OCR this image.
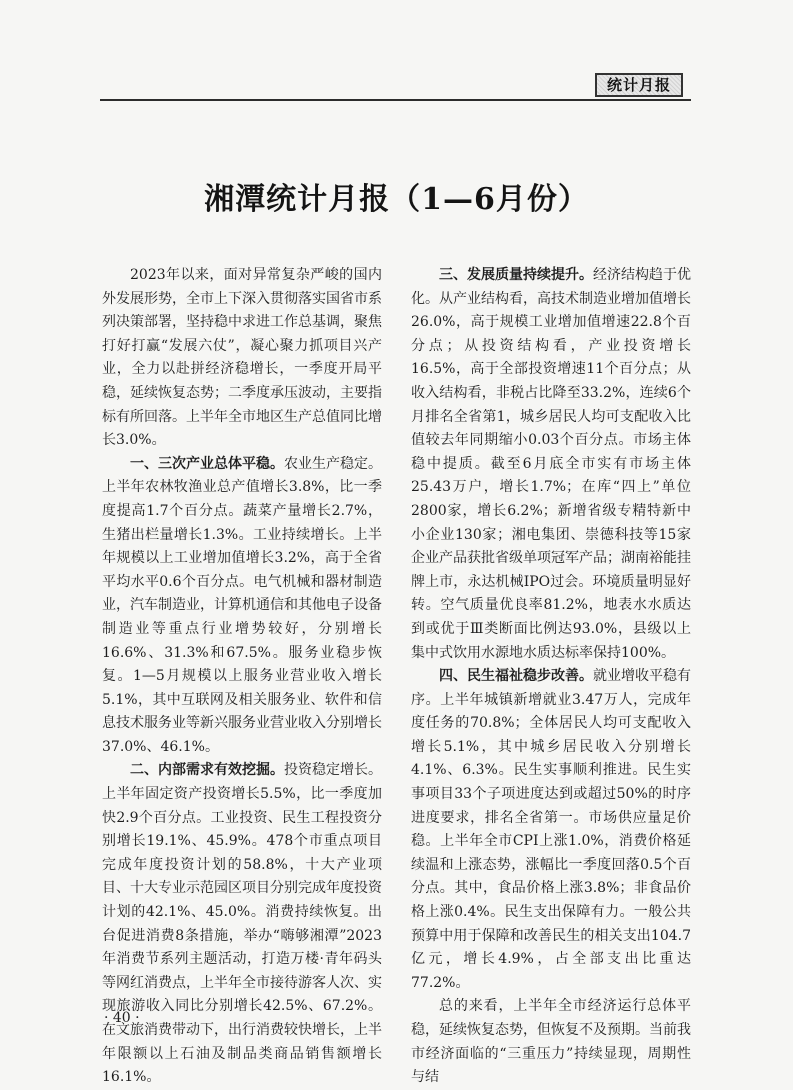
统计月报
湘潭统计月报（1—6月份）

2023年以来，面对异常复杂严峻的国内外发展形势，全市上下深入贯彻落实国省市系列决策部署，坚持稳中求进工作总基调，聚焦打好打赢“发展六仗”，凝心聚力抓项目兴产业，全力以赴拼经济稳增长，一季度开局平稳，延续恢复态势；二季度承压波动，主要指标有所回落。上半年全市地区生产总值同比增长3.0%。

一、三次产业总体平稳。农业生产稳定。上半年农林牧渔业总产值增长3.8%，比一季度提高1.7个百分点。蔬菜产量增长2.7%，生猪出栏量增长1.3%。工业持续增长。上半年规模以上工业增加值增长3.2%，高于全省平均水平0.6个百分点。电气机械和器材制造业，汽车制造业，计算机通信和其他电子设备制造业等重点行业增势较好，分别增长16.6%、31.3%和67.5%。服务业稳步恢复。1—5月规模以上服务业营业收入增长5.1%，其中互联网及相关服务业、软件和信息技术服务业等新兴服务业营业收入分别增长37.0%、46.1%。

二、内部需求有效挖掘。投资稳定增长。上半年固定资产投资增长5.5%，比一季度加快2.9个百分点。工业投资、民生工程投资分别增长19.1%、45.9%。478个市重点项目完成年度投资计划的58.8%，十大产业项目、十大专业示范园区项目分别完成年度投资计划的42.1%、45.0%。消费持续恢复。出台促进消费8条措施，举办“嗨够湘潭”2023年消费节系列主题活动，打造万楼·青年码头等网红消费点，上半年全市接待游客人次、实现旅游收入同比分别增长42.5%、67.2%。在文旅消费带动下，出行消费较快增长，上半年限额以上石油及制品类商品销售额增长16.1%。

三、发展质量持续提升。经济结构趋于优化。从产业结构看，高技术制造业增加值增长26.0%，高于规模工业增加值增速22.8个百分点；从投资结构看，产业投资增长16.5%，高于全部投资增速11个百分点；从收入结构看，非税占比降至33.2%，连续6个月排名全省第1，城乡居民人均可支配收入比值较去年同期缩小0.03个百分点。市场主体稳中提质。截至6月底全市实有市场主体25.43万户，增长1.7%；在库“四上”单位2800家，增长6.2%；新增省级专精特新中小企业130家；湘电集团、崇德科技等15家企业产品获批省级单项冠军产品；湖南裕能挂牌上市，永达机械IPO过会。环境质量明显好转。空气质量优良率81.2%，地表水水质达到或优于Ⅲ类断面比例达93.0%，县级以上集中式饮用水源地水质达标率保持100%。

四、民生福祉稳步改善。就业增收平稳有序。上半年城镇新增就业3.47万人，完成年度任务的70.8%；全体居民人均可支配收入增长5.1%，其中城乡居民收入分别增长4.1%、6.3%。民生实事顺利推进。民生实事项目33个子项进度达到或超过50%的时序进度要求，排名全省第一。市场供应量足价稳。上半年全市CPI上涨1.0%，消费价格延续温和上涨态势，涨幅比一季度回落0.5个百分点。其中，食品价格上涨3.8%；非食品价格上涨0.4%。民生支出保障有力。一般公共预算中用于保障和改善民生的相关支出104.7亿元，增长4.9%，占全部支出比重达77.2%。

总的来看，上半年全市经济运行总体平稳，延续恢复态势，但恢复不及预期。当前我市经济面临的“三重压力”持续显现，周期性与结

· 40 ·
